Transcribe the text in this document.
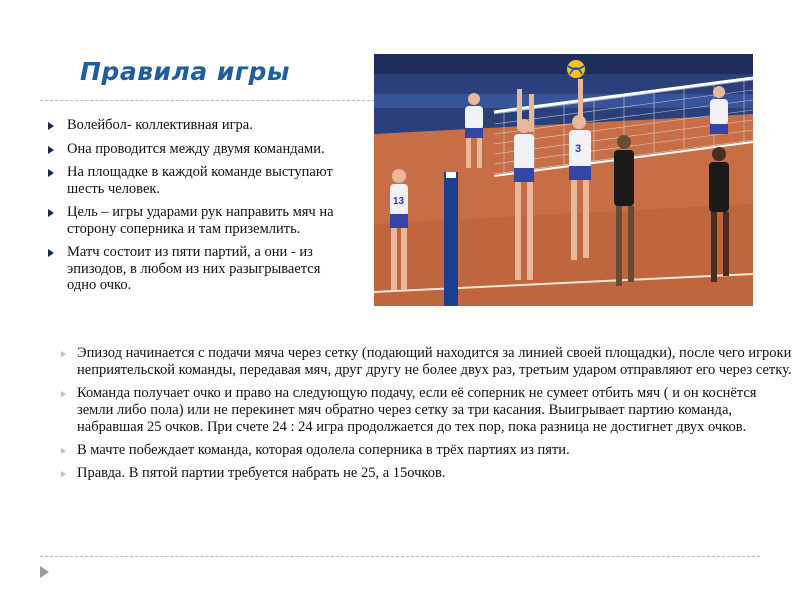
Правила игры
Волейбол- коллективная игра.
Она проводится между двумя командами.
На площадке в каждой команде выступают шесть человек.
Цель – игры ударами рук направить мяч на сторону соперника и там приземлить.
Матч состоит из пяти партий, а они - из эпизодов, в любом из них разыгрывается одно очко.
13
3
Эпизод начинается с подачи мяча через сетку (подающий находится за линией своей площадки), после чего игроки неприятельской команды, передавая мяч, друг другу не более двух раз, третьим ударом отправляют его через сетку.
Команда получает очко и право на следующую подачу, если её соперник не сумеет отбить мяч ( и он коснётся земли либо пола) или не перекинет мяч обратно через сетку за три касания. Выигрывает партию команда, набравшая 25 очков. При счете 24 : 24 игра продолжается до тех пор, пока разница не достигнет двух очков.
В мачте побеждает команда, которая одолела соперника в трёх партиях из пяти.
Правда. В пятой партии требуется набрать не 25, а 15очков.
